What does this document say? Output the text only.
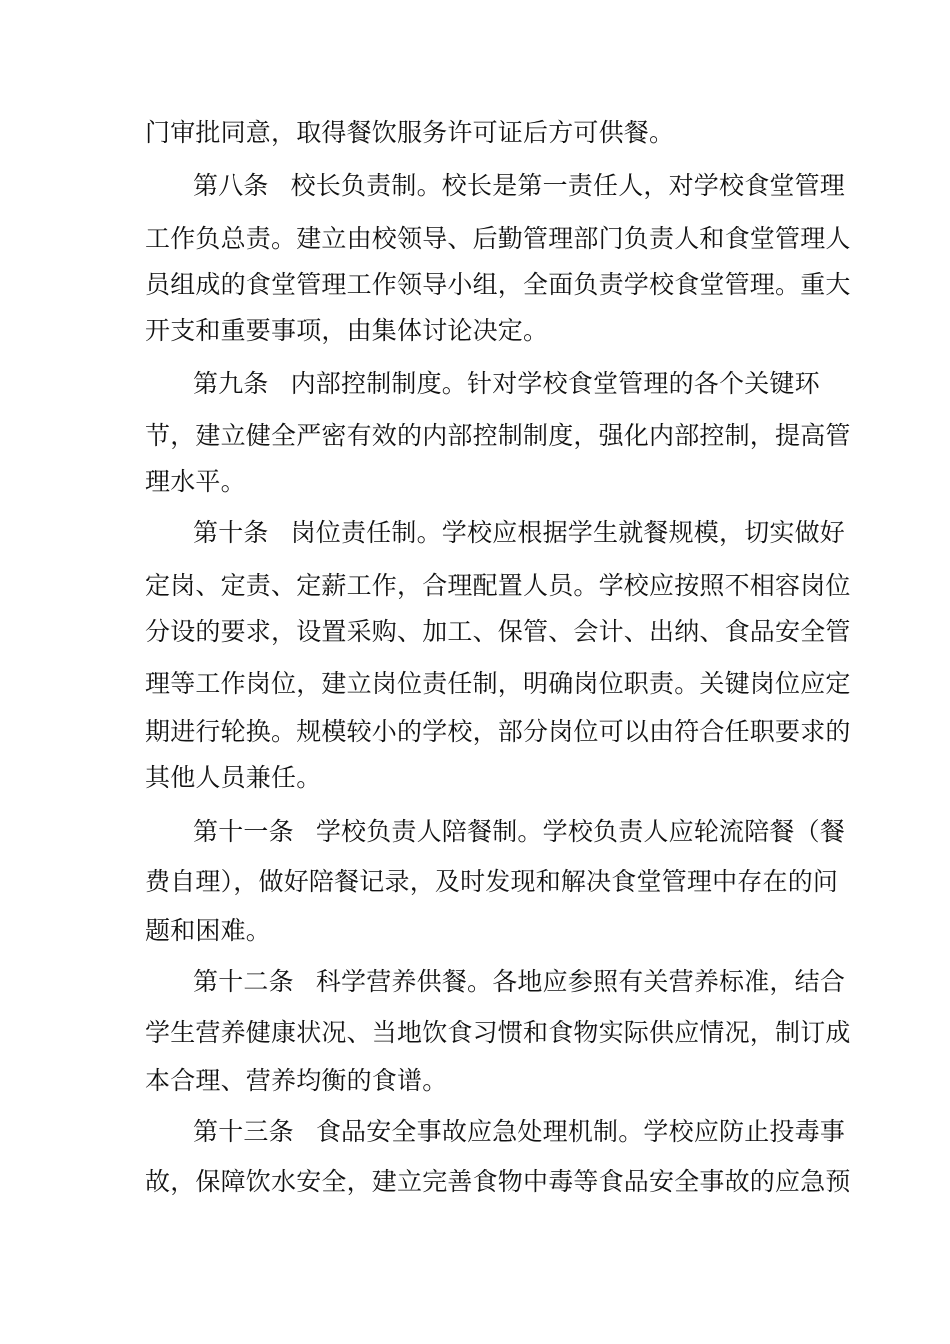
门审批同意，取得餐饮服务许可证后方可供餐。
第八条 校长负责制。校长是第一责任人，对学校食堂管理
工作负总责。建立由校领导、后勤管理部门负责人和食堂管理人
员组成的食堂管理工作领导小组，全面负责学校食堂管理。重大
开支和重要事项，由集体讨论决定。
第九条 内部控制制度。针对学校食堂管理的各个关键环
节，建立健全严密有效的内部控制制度，强化内部控制，提高管
理水平。
第十条 岗位责任制。学校应根据学生就餐规模，切实做好
定岗、定责、定薪工作，合理配置人员。学校应按照不相容岗位
分设的要求，设置采购、加工、保管、会计、出纳、食品安全管
理等工作岗位，建立岗位责任制，明确岗位职责。关键岗位应定
期进行轮换。规模较小的学校，部分岗位可以由符合任职要求的
其他人员兼任。
第十一条 学校负责人陪餐制。学校负责人应轮流陪餐（餐
费自理），做好陪餐记录，及时发现和解决食堂管理中存在的问
题和困难。
第十二条 科学营养供餐。各地应参照有关营养标准，结合
学生营养健康状况、当地饮食习惯和食物实际供应情况，制订成
本合理、营养均衡的食谱。
第十三条 食品安全事故应急处理机制。学校应防止投毒事
故，保障饮水安全，建立完善食物中毒等食品安全事故的应急预
